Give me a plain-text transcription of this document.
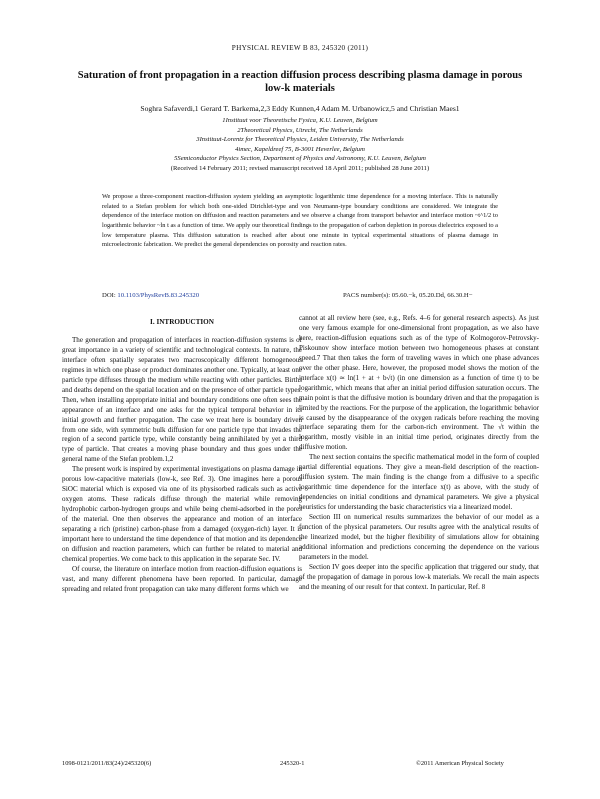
PHYSICAL REVIEW B 83, 245320 (2011)
Saturation of front propagation in a reaction diffusion process describing plasma damage in porous low-k materials
Soghra Safaverdi,1 Gerard T. Barkema,2,3 Eddy Kunnen,4 Adam M. Urbanowicz,5 and Christian Maes1
1Instituut voor Theoretische Fysica, K.U. Leuven, Belgium
2Theoretical Physics, Utrecht, The Netherlands
3Instituut-Lorentz for Theoretical Physics, Leiden University, The Netherlands
4imec, Kapeldreef 75, B-3001 Heverlee, Belgium
5Semiconductor Physics Section, Department of Physics and Astronomy, K.U. Leuven, Belgium
(Received 14 February 2011; revised manuscript received 18 April 2011; published 28 June 2011)
We propose a three-component reaction-diffusion system yielding an asymptotic logarithmic time dependence for a moving interface. This is naturally related to a Stefan problem for which both one-sided Dirichlet-type and von Neumann-type boundary conditions are considered. We integrate the dependence of the interface motion on diffusion and reaction parameters and we observe a change from transport behavior and interface motion ~t^1/2 to logarithmic behavior ~ln t as a function of time. We apply our theoretical findings to the propagation of carbon depletion in porous dielectrics exposed to a low temperature plasma. This diffusion saturation is reached after about one minute in typical experimental situations of plasma damage in microelectronic fabrication. We predict the general dependencies on porosity and reaction rates.
DOI: 10.1103/PhysRevB.83.245320	PACS number(s): 05.60.−k, 05.20.Dd, 66.30.H−
I. INTRODUCTION

The generation and propagation of interfaces in reaction-diffusion systems is of great importance in a variety of scientific and technological contexts. In nature, the interface often spatially separates two macroscopically different homogeneous regimes in which one phase or product dominates another one. Typically, at least one particle type diffuses through the medium while reacting with other particles. Births and deaths depend on the spatial location and on the presence of other particle types. Then, when installing appropriate initial and boundary conditions one often sees the appearance of an interface and one asks for the typical temporal behavior in its initial growth and further propagation. The case we treat here is boundary driven from one side, with symmetric bulk diffusion for one particle type that invades the region of a second particle type, while constantly being annihilated by yet a third type of particle. That creates a moving phase boundary and thus goes under the general name of the Stefan problem.1,2

The present work is inspired by experimental investigations on plasma damage in porous low-capacitive materials (low-k, see Ref. 3). One imagines here a porous SiOC material which is exposed via one of its physisorbed radicals such as active oxygen atoms. These radicals diffuse through the material while removing hydrophobic carbon-hydrogen groups and while being chemi-adsorbed in the pores of the material. One then observes the appearance and motion of an interface separating a rich (pristine) carbon-phase from a damaged (oxygen-rich) layer. It is important here to understand the time dependence of that motion and its dependence on diffusion and reaction parameters, which can further be related to material and chemical properties. We come back to this application in the separate Sec. IV.

Of course, the literature on interface motion from reaction-diffusion equations is vast, and many different phenomena have been reported. In particular, damage spreading and related front propagation can take many different forms which we

cannot at all review here (see, e.g., Refs. 4–6 for general research aspects). As just one very famous example for one-dimensional front propagation, as we also have here, reaction-diffusion equations such as of the type of Kolmogorov-Petrovsky-Piskounov show interface motion between two homogeneous phases at constant speed.7 That then takes the form of traveling waves in which one phase advances over the other phase. Here, however, the proposed model shows the motion of the interface x(t) ≃ ln(1 + at + b√t) (in one dimension as a function of time t) to be logarithmic, which means that after an initial period diffusion saturation occurs. The main point is that the diffusive motion is boundary driven and that the propagation is limited by the reactions. For the purpose of the application, the logarithmic behavior is caused by the disappearance of the oxygen radicals before reaching the moving interface separating them for the carbon-rich environment. The √t within the logarithm, mostly visible in an initial time period, originates directly from the diffusive motion.

The next section contains the specific mathematical model in the form of coupled partial differential equations. They give a mean-field description of the reaction-diffusion system. The main finding is the change from a diffusive to a specific logarithmic time dependence for the interface x(t) as above, with the study of dependencies on initial conditions and dynamical parameters. We give a physical heuristics for understanding the basic characteristics via a linearized model.

Section III on numerical results summarizes the behavior of our model as a function of the physical parameters. Our results agree with the analytical results of the linearized model, but the higher flexibility of simulations allow for obtaining additional information and predictions concerning the dependence on the various parameters in the model.

Section IV goes deeper into the specific application that triggered our study, that of the propagation of damage in porous low-k materials. We recall the main aspects and the meaning of our result for that context. In particular, Ref. 8

1098-0121/2011/83(24)/245320(6)	245320-1	©2011 American Physical Society
